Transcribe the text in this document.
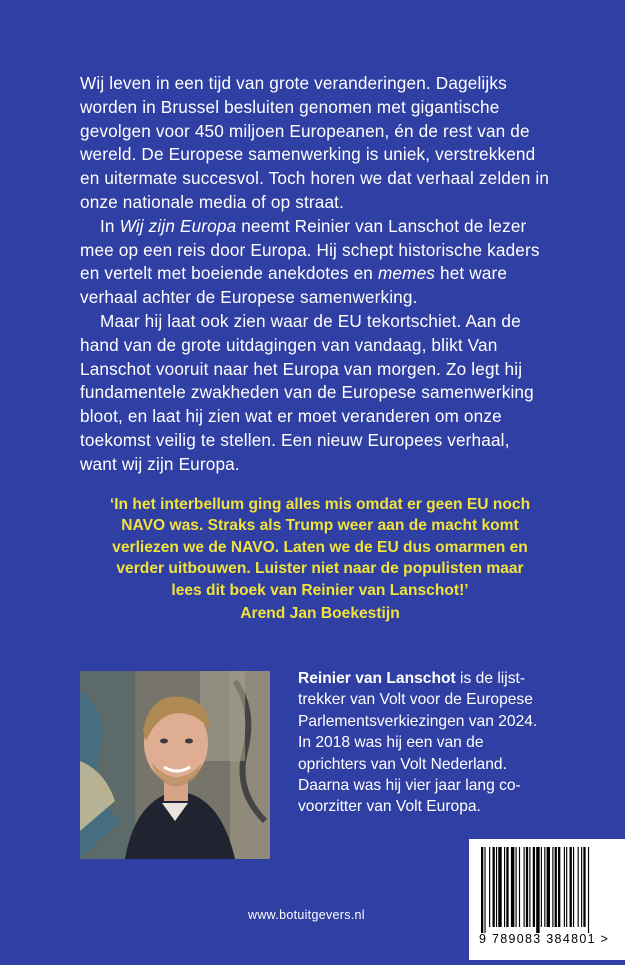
Wij leven in een tijd van grote veranderingen. Dagelijks worden in Brussel besluiten genomen met gigantische gevolgen voor 450 miljoen Europeanen, én de rest van de wereld. De Europese samenwerking is uniek, verstrekkend en uitermate succesvol. Toch horen we dat verhaal zelden in onze nationale media of op straat.

In Wij zijn Europa neemt Reinier van Lanschot de lezer mee op een reis door Europa. Hij schept historische kaders en vertelt met boeiende anekdotes en memes het ware verhaal achter de Europese samenwerking.

Maar hij laat ook zien waar de EU tekortschiet. Aan de hand van de grote uitdagingen van vandaag, blikt Van Lanschot vooruit naar het Europa van morgen. Zo legt hij fundamentele zwakheden van de Europese samenwerking bloot, en laat hij zien wat er moet veranderen om onze toekomst veilig te stellen. Een nieuw Europees verhaal, want wij zijn Europa.

‘In het interbellum ging alles mis omdat er geen EU noch NAVO was. Straks als Trump weer aan de macht komt verliezen we de NAVO. Laten we de EU dus omarmen en verder uitbouwen. Luister niet naar de populisten maar lees dit boek van Reinier van Lanschot!’
Arend Jan Boekestijn
Reinier van Lanschot is de lijsttrekker van Volt voor de Europese Parlementsverkiezingen van 2024. In 2018 was hij een van de oprichters van Volt Nederland. Daarna was hij vier jaar lang co-voorzitter van Volt Europa.
www.botuitgevers.nl
9 789083 384801 >
